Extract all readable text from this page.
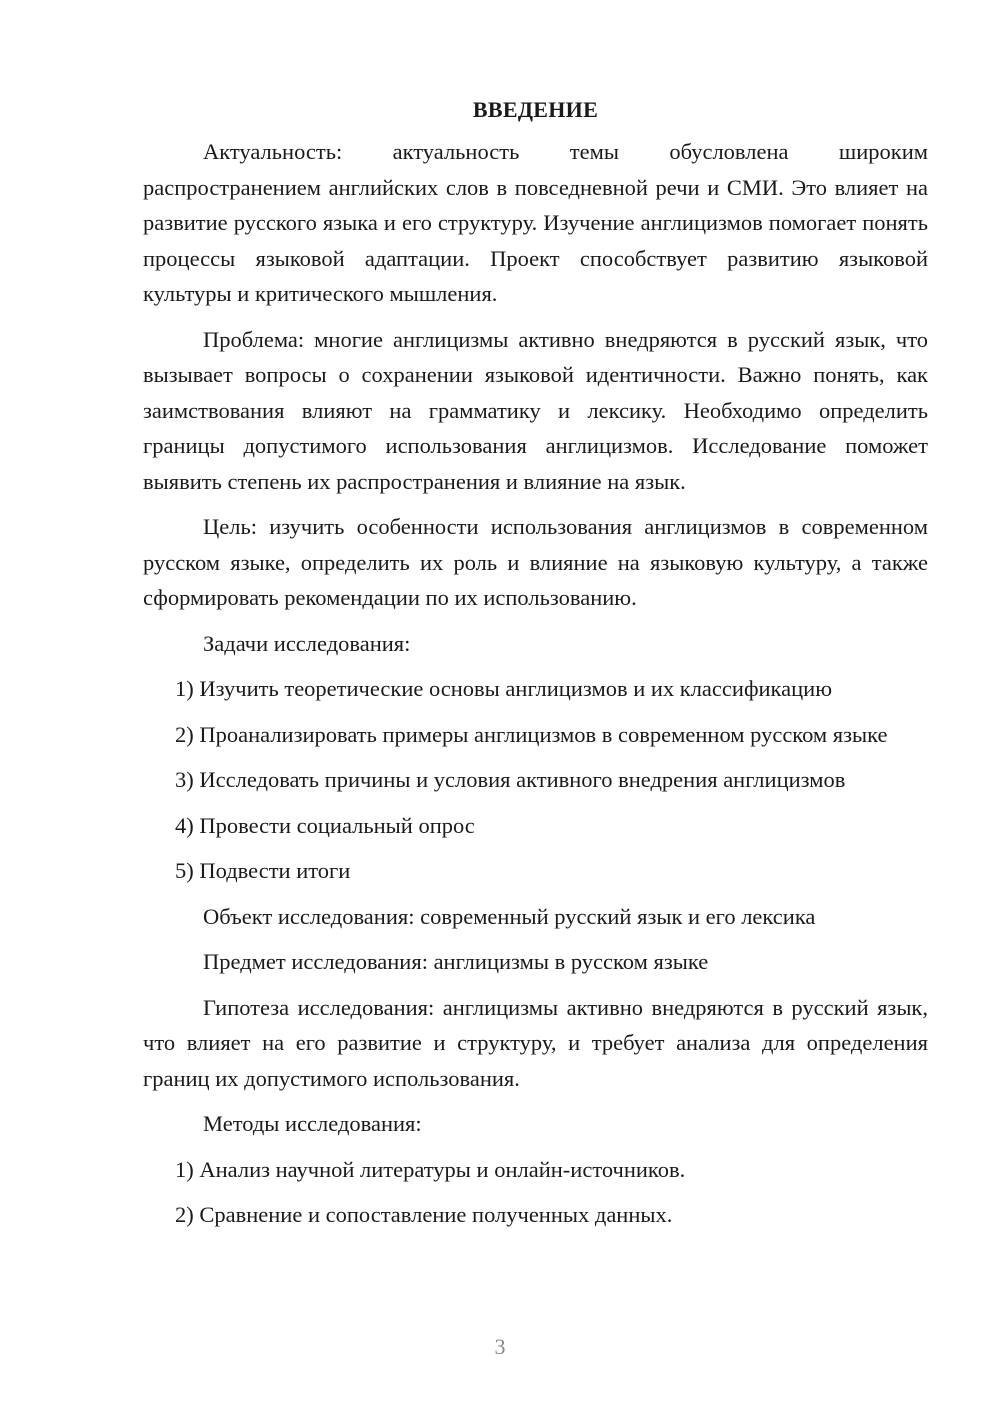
ВВЕДЕНИЕ

Актуальность: актуальность темы обусловлена широким распространением английских слов в повседневной речи и СМИ. Это влияет на развитие русского языка и его структуру. Изучение англицизмов помогает понять процессы языковой адаптации. Проект способствует развитию языковой культуры и критического мышления.

Проблема: многие англицизмы активно внедряются в русский язык, что вызывает вопросы о сохранении языковой идентичности. Важно понять, как заимствования влияют на грамматику и лексику. Необходимо определить границы допустимого использования англицизмов. Исследование поможет выявить степень их распространения и влияние на язык.

Цель: изучить особенности использования англицизмов в современном русском языке, определить их роль и влияние на языковую культуру, а также сформировать рекомендации по их использованию.

Задачи исследования:

1) Изучить теоретические основы англицизмов и их классификацию

2) Проанализировать примеры англицизмов в современном русском языке

3) Исследовать причины и условия активного внедрения англицизмов

4) Провести социальный опрос

5) Подвести итоги

Объект исследования: современный русский язык и его лексика

Предмет исследования: англицизмы в русском языке

Гипотеза исследования: англицизмы активно внедряются в русский язык, что влияет на его развитие и структуру, и требует анализа для определения границ их допустимого использования.

Методы исследования:

1) Анализ научной литературы и онлайн-источников.

2) Сравнение и сопоставление полученных данных.

3
